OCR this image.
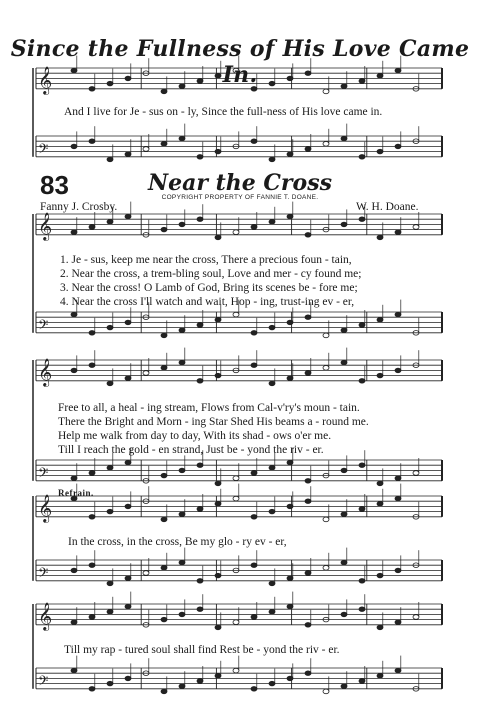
𝄞
𝄢
𝄞
𝄢
𝄞
𝄢
𝄞
𝄢
𝄞
𝄢
Since the Fullness of His Love Came In.
And I live for Je - sus on - ly, Since the full-ness of His love came in.
83	Near the Cross
COPYRIGHT PROPERTY OF FANNIE T. DOANE.
Fanny J. Crosby.	W. H. Doane.
1. Je - sus, keep me near the cross, There a precious foun - tain,
2. Near the cross, a trem-bling soul, Love and mer - cy found me;
3. Near the cross! O Lamb of God, Bring its scenes be - fore me;
4. Near the cross I'll watch and wait, Hop - ing, trust-ing ev - er,
Free to all, a heal - ing stream, Flows from Cal-v'ry's moun - tain.
There the Bright and Morn - ing Star Shed His beams a - round me.
Help me walk from day to day, With its shad - ows o'er me.
Till I reach the gold - en strand, Just be - yond the riv - er.
Refrain.
In the cross, in the cross, Be my glo - ry ev - er,
Till my rap - tured soul shall find Rest be - yond the riv - er.
